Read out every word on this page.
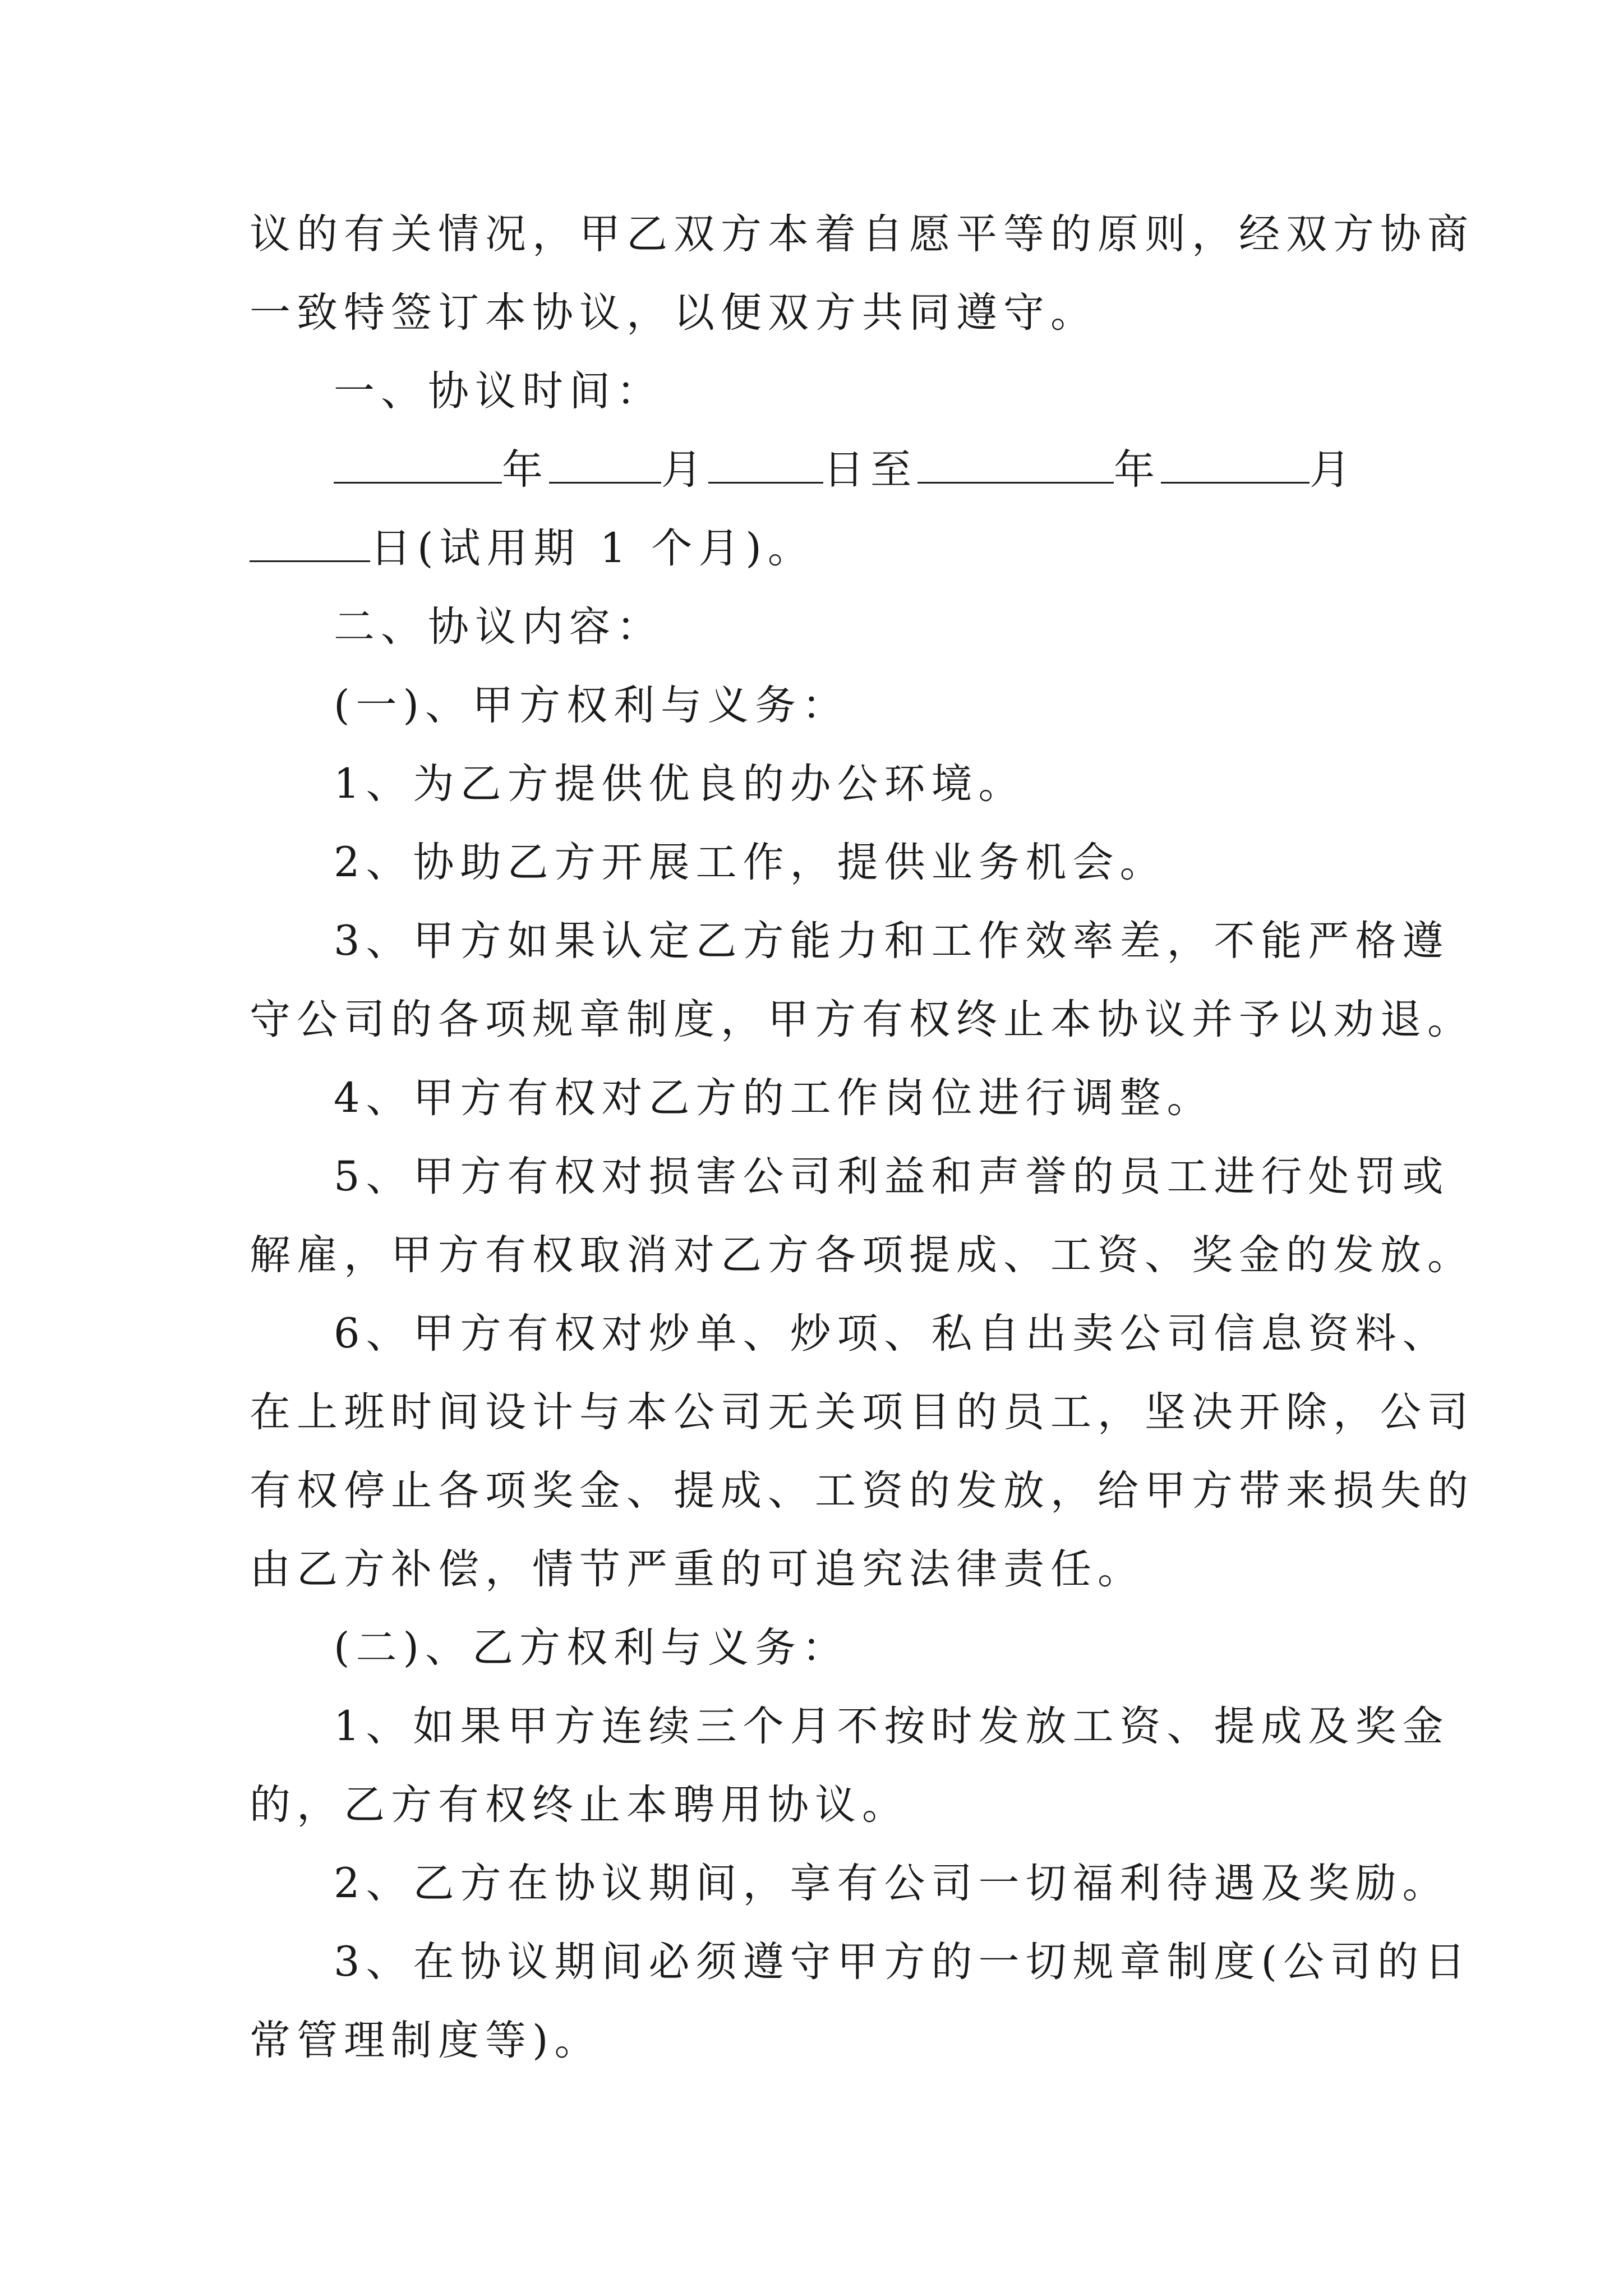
议的有关情况，甲乙双方本着自愿平等的原则，经双方协商
一致特签订本协议，以便双方共同遵守。
一、协议时间：
年	月	日至	年	月
日(试用期 1 个月)。
二、协议内容：
(一)、甲方权利与义务：
1、为乙方提供优良的办公环境。
2、协助乙方开展工作，提供业务机会。
3、甲方如果认定乙方能力和工作效率差，不能严格遵
守公司的各项规章制度，甲方有权终止本协议并予以劝退。
4、甲方有权对乙方的工作岗位进行调整。
5、甲方有权对损害公司利益和声誉的员工进行处罚或
解雇，甲方有权取消对乙方各项提成、工资、奖金的发放。
6、甲方有权对炒单、炒项、私自出卖公司信息资料、
在上班时间设计与本公司无关项目的员工，坚决开除，公司
有权停止各项奖金、提成、工资的发放，给甲方带来损失的
由乙方补偿，情节严重的可追究法律责任。
(二)、乙方权利与义务：
1、如果甲方连续三个月不按时发放工资、提成及奖金
的，乙方有权终止本聘用协议。
2、乙方在协议期间，享有公司一切福利待遇及奖励。
3、在协议期间必须遵守甲方的一切规章制度(公司的日
常管理制度等)。
